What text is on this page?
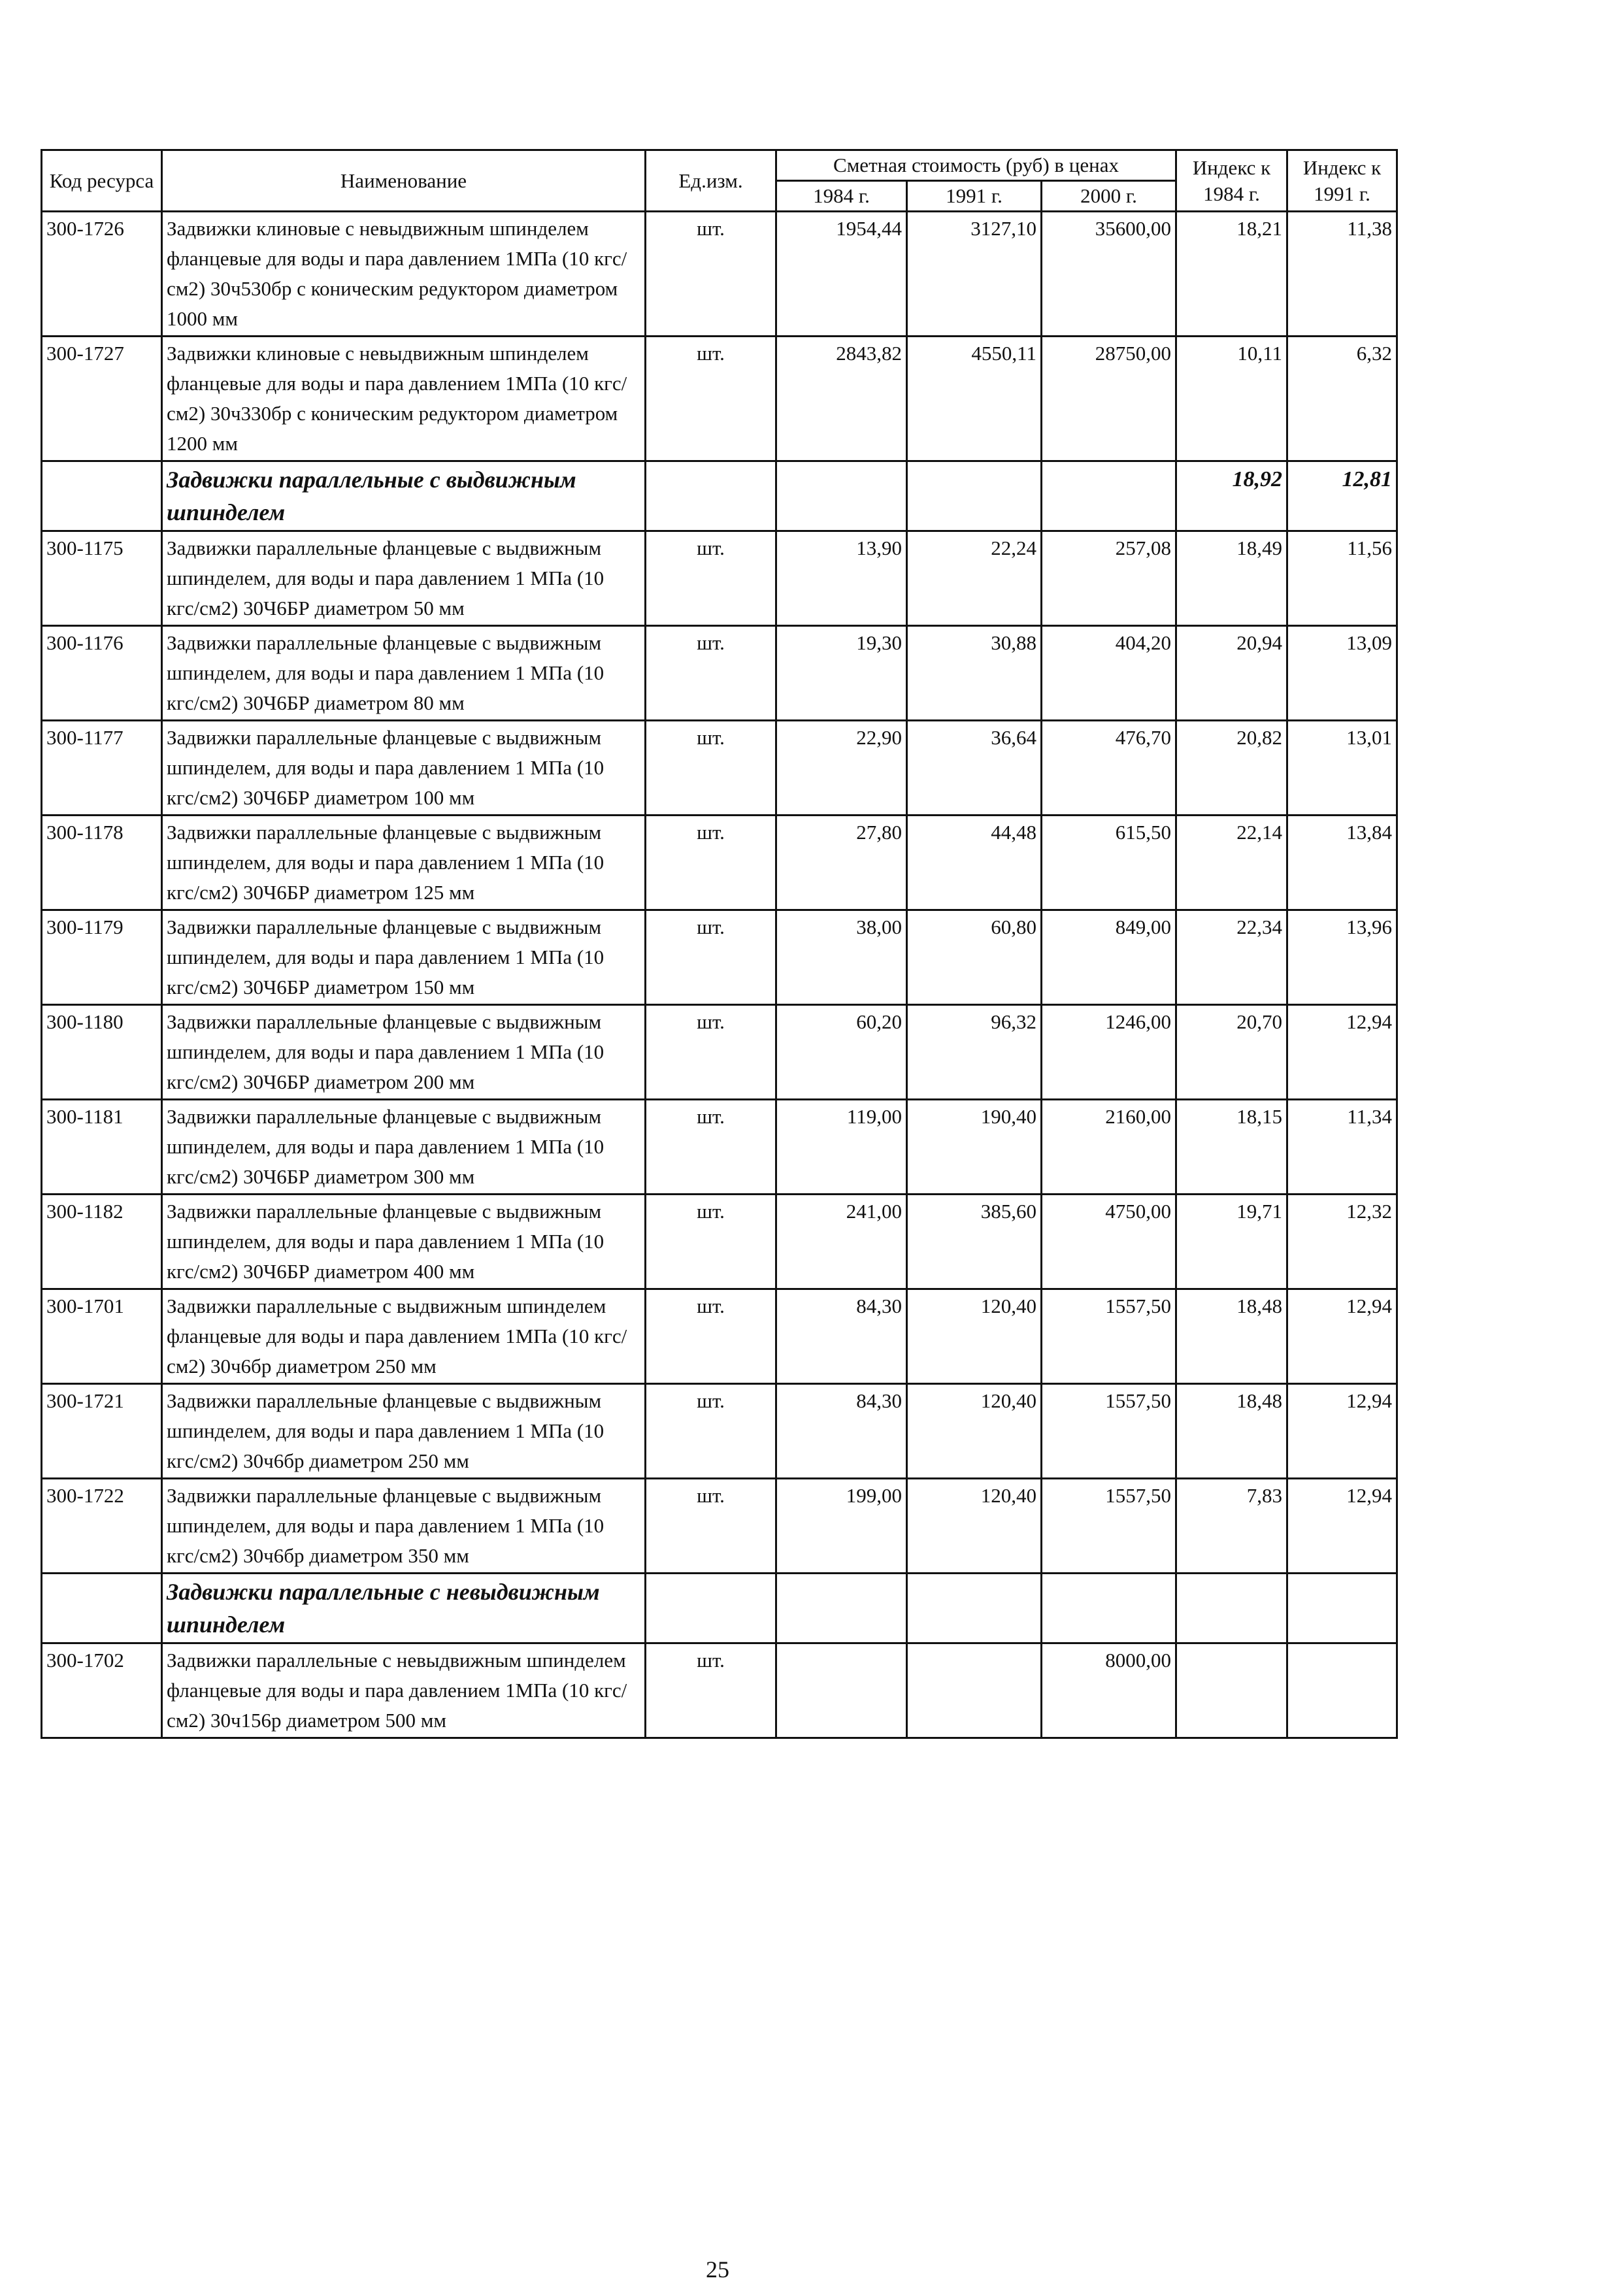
Код ресурса	Наименование	Ед.изм.	Сметная стоимость (руб) в ценах			Индекс к 1984 г.	Индекс к 1991 г.
			1984 г.	1991 г.	2000 г.		
300-1726	Задвижки клиновые с невыдвижным шпинделем фланцевые для воды и пара давлением 1МПа (10 кгс/см2) 30ч530бр с коническим редуктором диаметром 1000 мм	шт.	1954,44	3127,10	35600,00	18,21	11,38
300-1727	Задвижки клиновые с невыдвижным шпинделем фланцевые для воды и пара давлением 1МПа (10 кгс/см2) 30ч330бр с коническим редуктором диаметром 1200 мм	шт.	2843,82	4550,11	28750,00	10,11	6,32
	Задвижки параллельные с выдвижным шпинделем					18,92	12,81
300-1175	Задвижки параллельные фланцевые с выдвижным шпинделем, для воды и пара давлением 1 МПа (10 кгс/см2) 30Ч6БР диаметром 50 мм	шт.	13,90	22,24	257,08	18,49	11,56
300-1176	Задвижки параллельные фланцевые с выдвижным шпинделем, для воды и пара давлением 1 МПа (10 кгс/см2) 30Ч6БР диаметром 80 мм	шт.	19,30	30,88	404,20	20,94	13,09
300-1177	Задвижки параллельные фланцевые с выдвижным шпинделем, для воды и пара давлением 1 МПа (10 кгс/см2) 30Ч6БР диаметром 100 мм	шт.	22,90	36,64	476,70	20,82	13,01
300-1178	Задвижки параллельные фланцевые с выдвижным шпинделем, для воды и пара давлением 1 МПа (10 кгс/см2) 30Ч6БР диаметром 125 мм	шт.	27,80	44,48	615,50	22,14	13,84
300-1179	Задвижки параллельные фланцевые с выдвижным шпинделем, для воды и пара давлением 1 МПа (10 кгс/см2) 30Ч6БР диаметром 150 мм	шт.	38,00	60,80	849,00	22,34	13,96
300-1180	Задвижки параллельные фланцевые с выдвижным шпинделем, для воды и пара давлением 1 МПа (10 кгс/см2) 30Ч6БР диаметром 200 мм	шт.	60,20	96,32	1246,00	20,70	12,94
300-1181	Задвижки параллельные фланцевые с выдвижным шпинделем, для воды и пара давлением 1 МПа (10 кгс/см2) 30Ч6БР диаметром 300 мм	шт.	119,00	190,40	2160,00	18,15	11,34
300-1182	Задвижки параллельные фланцевые с выдвижным шпинделем, для воды и пара давлением 1 МПа (10 кгс/см2) 30Ч6БР диаметром 400 мм	шт.	241,00	385,60	4750,00	19,71	12,32
300-1701	Задвижки параллельные с выдвижным шпинделем фланцевые для воды и пара давлением 1МПа (10 кгс/см2) 30ч6бр диаметром 250 мм	шт.	84,30	120,40	1557,50	18,48	12,94
300-1721	Задвижки параллельные фланцевые с выдвижным шпинделем, для воды и пара давлением 1 МПа (10 кгс/см2) 30ч6бр диаметром 250 мм	шт.	84,30	120,40	1557,50	18,48	12,94
300-1722	Задвижки параллельные фланцевые с выдвижным шпинделем, для воды и пара давлением 1 МПа (10 кгс/см2) 30ч6бр диаметром 350 мм	шт.	199,00	120,40	1557,50	7,83	12,94
	Задвижки параллельные с невыдвижным шпинделем						
300-1702	Задвижки параллельные с невыдвижным шпинделем фланцевые для воды и пара давлением 1МПа (10 кгс/см2) 30ч156р диаметром 500 мм	шт.			8000,00		
25
